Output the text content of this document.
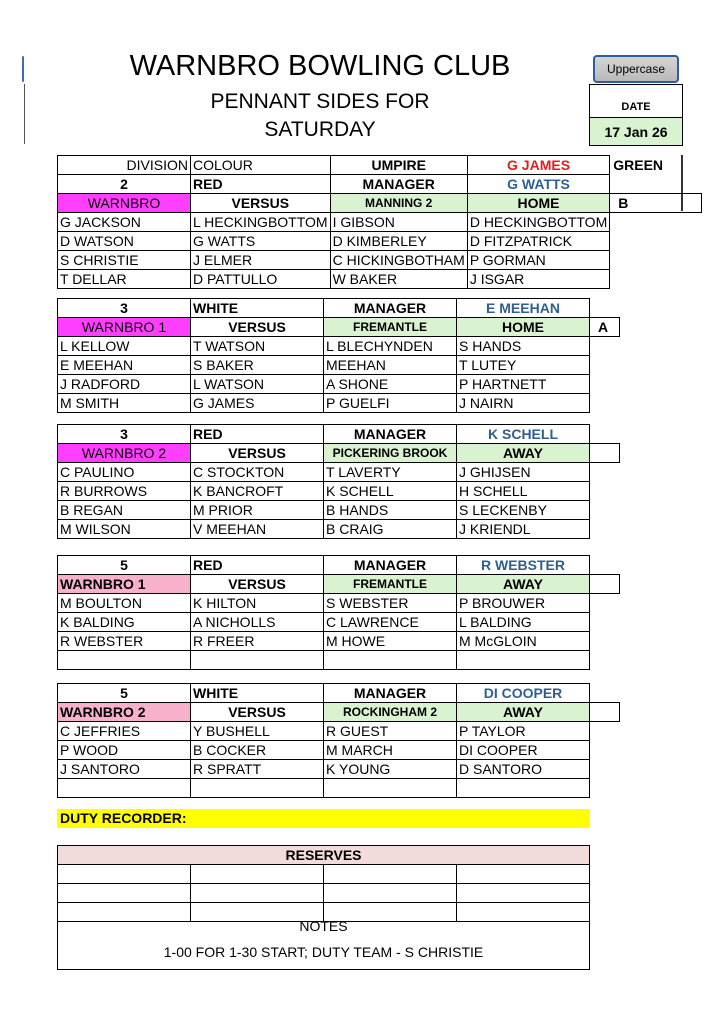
WARNBRO BOWLING CLUB
PENNANT SIDES FOR
SATURDAY
Uppercase
DATE
17 Jan 26
DIVISION	COLOUR	UMPIRE	G JAMES	GREEN
2	RED	MANAGER	G WATTS	
WARNBRO	VERSUS	MANNING 2	HOME	B
G JACKSON	L HECKINGBOTTOM	I GIBSON	D HECKINGBOTTOM	
D WATSON	G WATTS	D KIMBERLEY	D FITZPATRICK	
S CHRISTIE	J ELMER	C HICKINGBOTHAM	P GORMAN	
T DELLAR	D PATTULLO	W BAKER	J ISGAR	
3	WHITE	MANAGER	E MEEHAN	
WARNBRO 1	VERSUS	FREMANTLE	HOME	A
L KELLOW	T WATSON	L BLECHYNDEN	S HANDS	
E MEEHAN	S BAKER	MEEHAN	T LUTEY	
J RADFORD	L WATSON	A SHONE	P HARTNETT	
M SMITH	G JAMES	P GUELFI	J NAIRN	
3	RED	MANAGER	K SCHELL	
WARNBRO 2	VERSUS	PICKERING BROOK	AWAY	
C PAULINO	C STOCKTON	T LAVERTY	J GHIJSEN	
R BURROWS	K BANCROFT	K SCHELL	H SCHELL	
B REGAN	M PRIOR	B HANDS	S LECKENBY	
M WILSON	V MEEHAN	B CRAIG	J KRIENDL	
5	RED	MANAGER	R WEBSTER	
WARNBRO 1	VERSUS	FREMANTLE	AWAY	
M BOULTON	K HILTON	S WEBSTER	P BROUWER	
K BALDING	A NICHOLLS	C LAWRENCE	L BALDING	
R WEBSTER	R FREER	M HOWE	M McGLOIN	

5	WHITE	MANAGER	DI COOPER	
WARNBRO 2	VERSUS	ROCKINGHAM 2	AWAY	
C JEFFRIES	Y BUSHELL	R GUEST	P TAYLOR	
P WOOD	B COCKER	M MARCH	DI COOPER	
J SANTORO	R SPRATT	K YOUNG	D SANTORO	

DUTY RECORDER:
RESERVES			

NOTES
1-00 FOR 1-30 START; DUTY TEAM - S CHRISTIE
